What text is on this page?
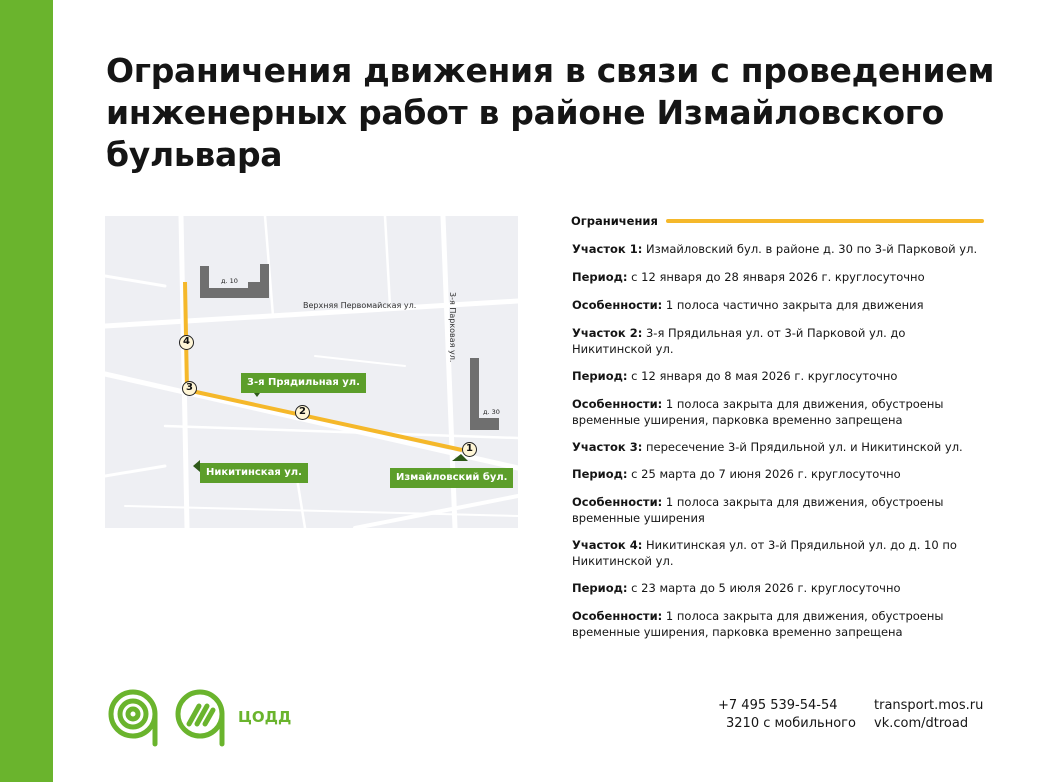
Ограничения движения в связи с проведением инженерных работ в районе Измайловского бульвара
Верхняя Первомайская ул.	3-я Парковая ул.
д. 10
д. 30
3-я Прядильная ул.
Никитинская ул.	Измайловский бул.
1
2
3
4
Ограничения
Участок 1: Измайловский бул. в районе д. 30 по 3-й Парковой ул.
Период: с 12 января до 28 января 2026 г. круглосуточно
Особенности: 1 полоса частично закрыта для движения
Участок 2: 3-я Прядильная ул. от 3-й Парковой ул. до Никитинской ул.
Период: с 12 января до 8 мая 2026 г. круглосуточно
Особенности: 1 полоса закрыта для движения, обустроены временные уширения, парковка временно запрещена
Участок 3: пересечение 3-й Прядильной ул. и Никитинской ул.
Период: с 25 марта до 7 июня 2026 г. круглосуточно
Особенности: 1 полоса закрыта для движения, обустроены временные уширения
Участок 4: Никитинская ул. от 3-й Прядильной ул. до д. 10 по Никитинской ул.
Период: с 23 марта до 5 июля 2026 г. круглосуточно
Особенности: 1 полоса закрыта для движения, обустроены временные уширения, парковка временно запрещена
ЦОДД
+7 495 539-54-54
3210 с мобильного
transport.mos.ru
vk.com/dtroad
